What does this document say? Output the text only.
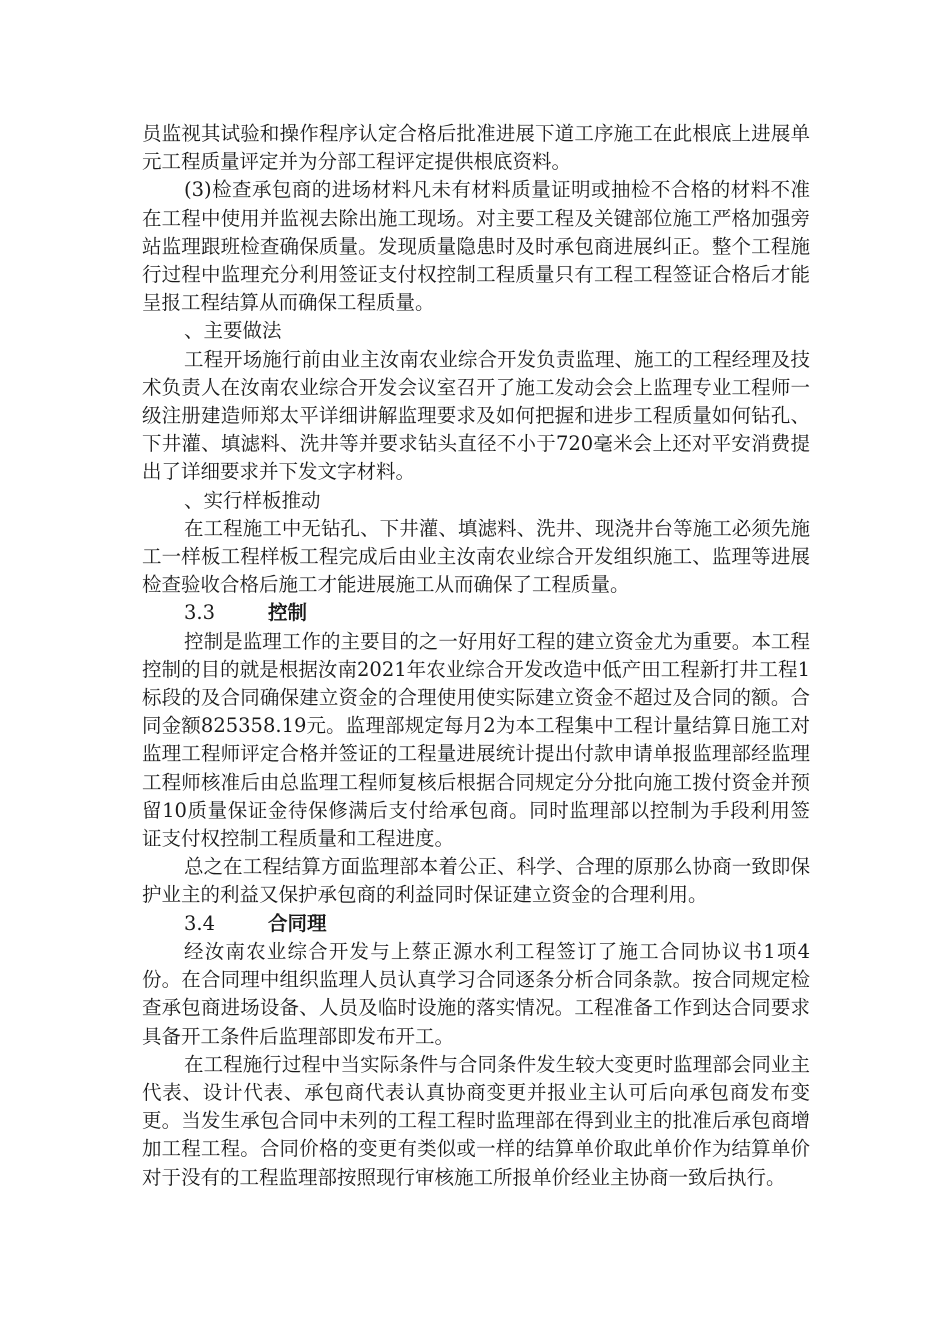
员监视其试验和操作程序认定合格后批准进展下道工序施工在此根底上进展单元工程质量评定并为分部工程评定提供根底资料。

(3)检查承包商的进场材料凡未有材料质量证明或抽检不合格的材料不准在工程中使用并监视去除出施工现场。对主要工程及关键部位施工严格加强旁站监理跟班检查确保质量。发现质量隐患时及时承包商进展纠正。整个工程施行过程中监理充分利用签证支付权控制工程质量只有工程工程签证合格后才能呈报工程结算从而确保工程质量。

、主要做法

工程开场施行前由业主汝南农业综合开发负责监理、施工的工程经理及技术负责人在汝南农业综合开发会议室召开了施工发动会会上监理专业工程师一级注册建造师郑太平详细讲解监理要求及如何把握和进步工程质量如何钻孔、下井灌、填滤料、洗井等并要求钻头直径不小于720毫米会上还对平安消费提出了详细要求并下发文字材料。

、实行样板推动

在工程施工中无钻孔、下井灌、填滤料、洗井、现浇井台等施工必须先施工一样板工程样板工程完成后由业主汝南农业综合开发组织施工、监理等进展检查验收合格后施工才能进展施工从而确保了工程质量。

3.3	控制

控制是监理工作的主要目的之一好用好工程的建立资金尤为重要。本工程控制的目的就是根据汝南2021年农业综合开发改造中低产田工程新打井工程1标段的及合同确保建立资金的合理使用使实际建立资金不超过及合同的额。合同金额825358.19元。监理部规定每月2为本工程集中工程计量结算日施工对监理工程师评定合格并签证的工程量进展统计提出付款申请单报监理部经监理工程师核准后由总监理工程师复核后根据合同规定分分批向施工拨付资金并预留10质量保证金待保修满后支付给承包商。同时监理部以控制为手段利用签证支付权控制工程质量和工程进度。

总之在工程结算方面监理部本着公正、科学、合理的原那么协商一致即保护业主的利益又保护承包商的利益同时保证建立资金的合理利用。

3.4	合同理

经汝南农业综合开发与上蔡正源水利工程签订了施工合同协议书1项4份。在合同理中组织监理人员认真学习合同逐条分析合同条款。按合同规定检查承包商进场设备、人员及临时设施的落实情况。工程准备工作到达合同要求具备开工条件后监理部即发布开工。

在工程施行过程中当实际条件与合同条件发生较大变更时监理部会同业主代表、设计代表、承包商代表认真协商变更并报业主认可后向承包商发布变更。当发生承包合同中未列的工程工程时监理部在得到业主的批准后承包商增加工程工程。合同价格的变更有类似或一样的结算单价取此单价作为结算单价对于没有的工程监理部按照现行审核施工所报单价经业主协商一致后执行。
